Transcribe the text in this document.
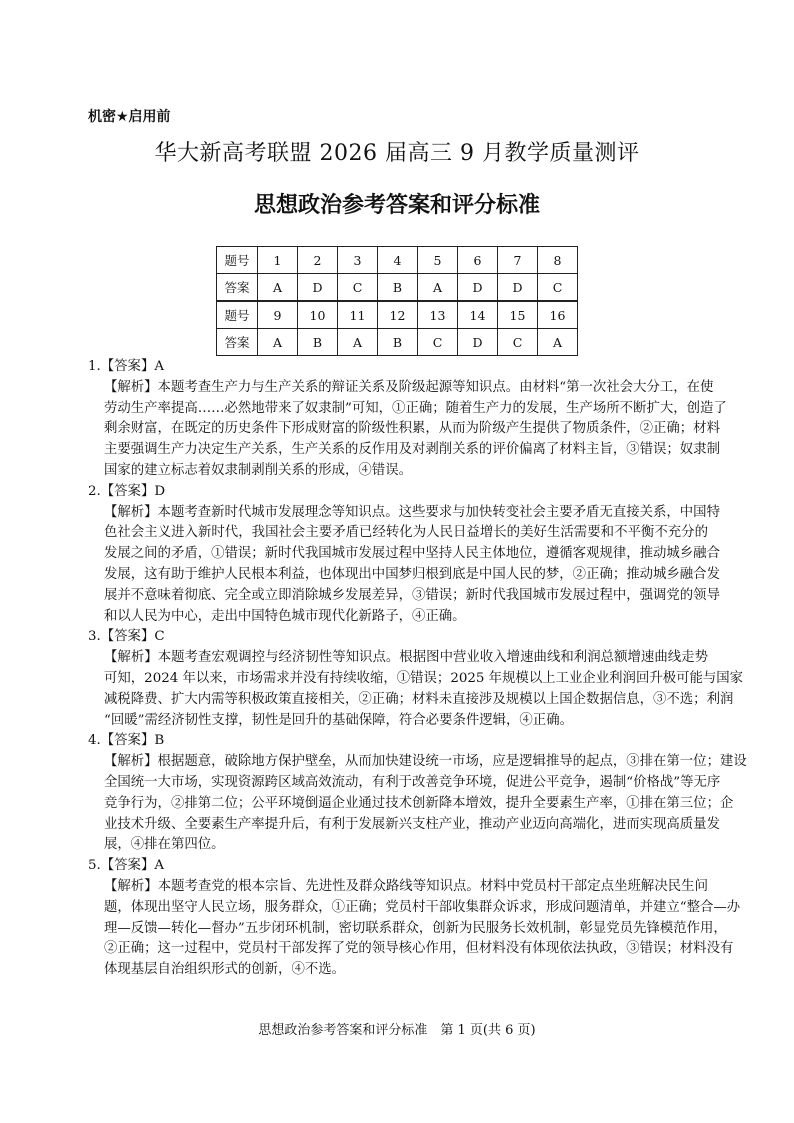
机密★启用前
华大新高考联盟 2026 届高三 9 月教学质量测评
思想政治参考答案和评分标准
题号	1	2	3	4	5	6	7	8
答案	A	D	C	B	A	D	D	C
题号	9	10	11	12	13	14	15	16
答案	A	B	A	B	C	D	C	A
1.【答案】A
【解析】本题考查生产力与生产关系的辩证关系及阶级起源等知识点。由材料“第一次社会大分工，在使
劳动生产率提高……必然地带来了奴隶制”可知，①正确；随着生产力的发展，生产场所不断扩大，创造了
剩余财富，在既定的历史条件下形成财富的阶级性积累，从而为阶级产生提供了物质条件，②正确；材料
主要强调生产力决定生产关系，生产关系的反作用及对剥削关系的评价偏离了材料主旨，③错误；奴隶制
国家的建立标志着奴隶制剥削关系的形成，④错误。
2.【答案】D
【解析】本题考查新时代城市发展理念等知识点。这些要求与加快转变社会主要矛盾无直接关系，中国特
色社会主义进入新时代，我国社会主要矛盾已经转化为人民日益增长的美好生活需要和不平衡不充分的
发展之间的矛盾，①错误；新时代我国城市发展过程中坚持人民主体地位，遵循客观规律，推动城乡融合
发展，这有助于维护人民根本利益，也体现出中国梦归根到底是中国人民的梦，②正确；推动城乡融合发
展并不意味着彻底、完全或立即消除城乡发展差异，③错误；新时代我国城市发展过程中，强调党的领导
和以人民为中心，走出中国特色城市现代化新路子，④正确。
3.【答案】C
【解析】本题考查宏观调控与经济韧性等知识点。根据图中营业收入增速曲线和利润总额增速曲线走势
可知，2024 年以来，市场需求并没有持续收缩，①错误；2025 年规模以上工业企业利润回升极可能与国家
减税降费、扩大内需等积极政策直接相关，②正确；材料未直接涉及规模以上国企数据信息，③不选；利润
“回暖”需经济韧性支撑，韧性是回升的基础保障，符合必要条件逻辑，④正确。
4.【答案】B
【解析】根据题意，破除地方保护壁垒，从而加快建设统一市场，应是逻辑推导的起点，③排在第一位；建设
全国统一大市场，实现资源跨区域高效流动，有利于改善竞争环境，促进公平竞争，遏制“价格战”等无序
竞争行为，②排第二位；公平环境倒逼企业通过技术创新降本增效，提升全要素生产率，①排在第三位；企
业技术升级、全要素生产率提升后，有利于发展新兴支柱产业，推动产业迈向高端化，进而实现高质量发
展，④排在第四位。
5.【答案】A
【解析】本题考查党的根本宗旨、先进性及群众路线等知识点。材料中党员村干部定点坐班解决民生问
题，体现出坚守人民立场，服务群众，①正确；党员村干部收集群众诉求，形成问题清单，并建立“整合—办
理—反馈—转化—督办”五步闭环机制，密切联系群众，创新为民服务长效机制，彰显党员先锋模范作用，
②正确；这一过程中，党员村干部发挥了党的领导核心作用，但材料没有体现依法执政，③错误；材料没有
体现基层自治组织形式的创新，④不选。
思想政治参考答案和评分标准　第 1 页(共 6 页)
